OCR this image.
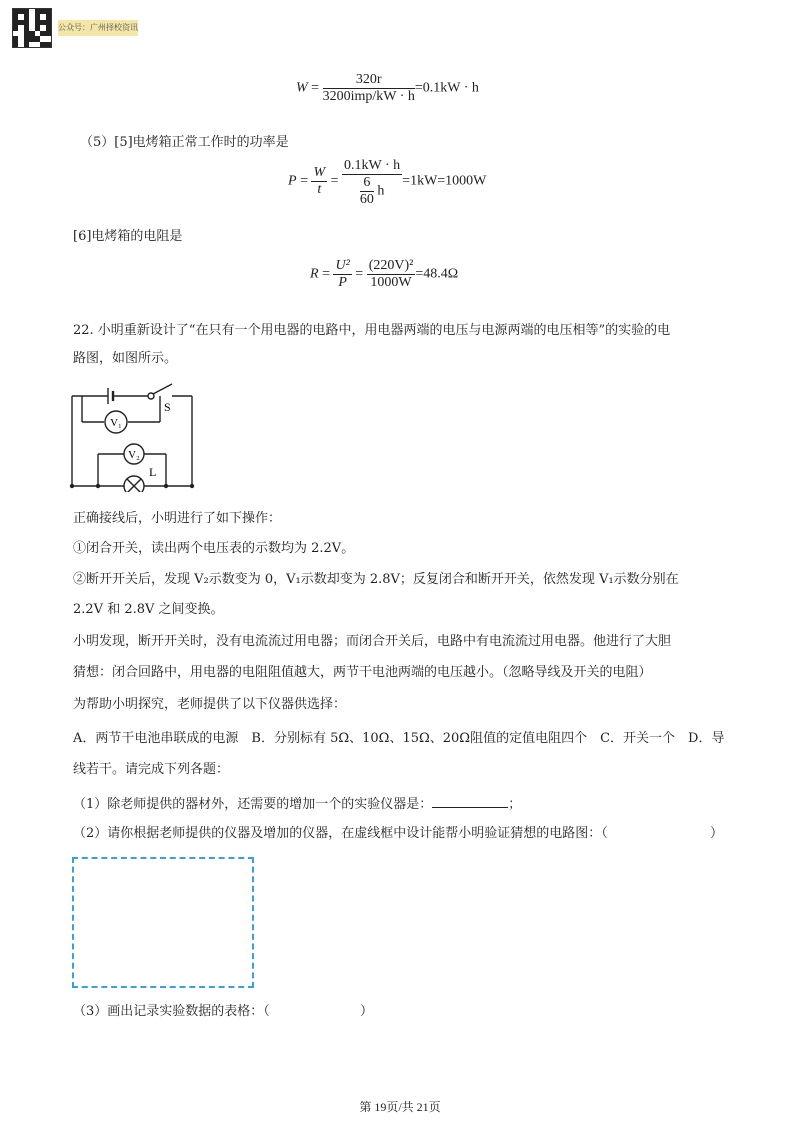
公众号：广州择校资讯
$W = \frac{320r}{\text{3200imp/kW · h}} =0.1kW \cdot h$
（5）[5]电烤箱正常工作时的功率是
$P = \frac{W}{t} = \frac{0.1kW \cdot h}{\frac{6}{60} h} =1kW=1000W$
[6]电烤箱的电阻是
$R = \frac{\text{U²}}{P} = \frac{\text{(220V)²}}{1000W} =48.4\Omega$
22. 小明重新设计了“在只有一个用电器的电路中，用电器两端的电压与电源两端的电压相等”的实验的电
路图，如图所示。
V₁
V₂
S
L
正确接线后，小明进行了如下操作：
①闭合开关，读出两个电压表的示数均为 2.2V。
②断开开关后，发现 V₂示数变为 0，V₁示数却变为 2.8V；反复闭合和断开开关，依然发现 V₁示数分别在
2.2V 和 2.8V 之间变换。
小明发现，断开开关时，没有电流流过用电器；而闭合开关后，电路中有电流流过用电器。他进行了大胆
猜想：闭合回路中，用电器的电阻阻值越大，两节干电池两端的电压越小。（忽略导线及开关的电阻）
为帮助小明探究，老师提供了以下仪器供选择：
A．两节干电池串联成的电源　B．分别标有 5Ω、10Ω、15Ω、20Ω阻值的定值电阻四个　C．开关一个　D．导
线若干。请完成下列各题：
（1）除老师提供的器材外，还需要的增加一个的实验仪器是：	；
（2）请你根据老师提供的仪器及增加的仪器，在虚线框中设计能帮小明验证猜想的电路图：（	）
（3）画出记录实验数据的表格：（	）
第 19页/共 21页
